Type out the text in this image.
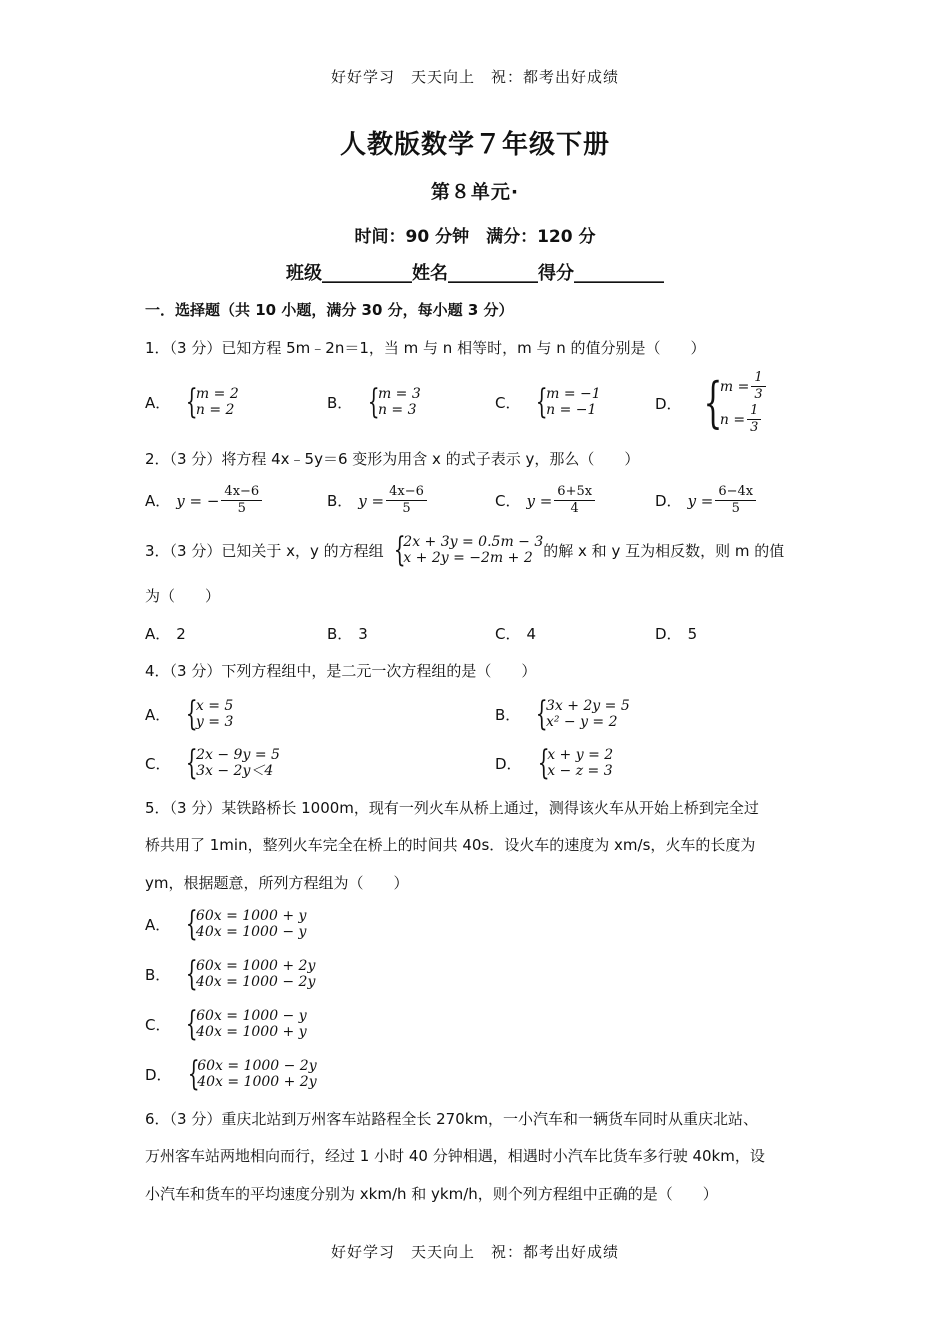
好好学习　天天向上　祝：都考出好成绩
人教版数学７年级下册
第８单元·
时间：90 分钟　满分：120 分
班级__________姓名__________得分__________
一．选择题（共 10 小题，满分 30 分，每小题 3 分）
1．（3 分）已知方程 5m﹣2n＝1，当 m 与 n 相等时，m 与 n 的值分别是（　　）
A． {
m = 2
n = 2	B． {
m = 3
n = 3	C． {
m = −1
n = −1	D． {
$m = \frac{1}{3}$
$n = \frac{1}{3}$
2．（3 分）将方程 4x﹣5y＝6 变形为用含 x 的式子表示 y，那么（　　）
A． y = − $\frac{4x-6}{5}$	B． $y = \frac{4x-6}{5}$	C． $y = \frac{6+5x}{4}$	D． $y = \frac{6-4x}{5}$
3．（3 分）已知关于 x，y 的方程组 {
2x + 3y = 0.5m − 3
x + 2y = −2m + 2 的解 x 和 y 互为相反数，则 m 的值
为（　　）
A． 2	B． 3	C． 4	D． 5
4．（3 分）下列方程组中，是二元一次方程组的是（　　）
A． {
x = 5
y = 3	B． {
3x + 2y = 5
x² − y = 2
C． {
2x − 9y = 5
3x − 2y＜4	D． {
x + y = 2
x − z = 3
5．（3 分）某铁路桥长 1000m，现有一列火车从桥上通过，测得该火车从开始上桥到完全过
桥共用了 1min，整列火车完全在桥上的时间共 40s．设火车的速度为 xm/s，火车的长度为
ym，根据题意，所列方程组为（　　）
A． {
60x = 1000 + y
40x = 1000 − y
B． {
60x = 1000 + 2y
40x = 1000 − 2y
C． {
60x = 1000 − y
40x = 1000 + y
D． {
60x = 1000 − 2y
40x = 1000 + 2y
6．（3 分）重庆北站到万州客车站路程全长 270km，一小汽车和一辆货车同时从重庆北站、
万州客车站两地相向而行，经过 1 小时 40 分钟相遇，相遇时小汽车比货车多行驶 40km，设
小汽车和货车的平均速度分别为 xkm/h 和 ykm/h，则个列方程组中正确的是（　　）
好好学习　天天向上　祝：都考出好成绩
